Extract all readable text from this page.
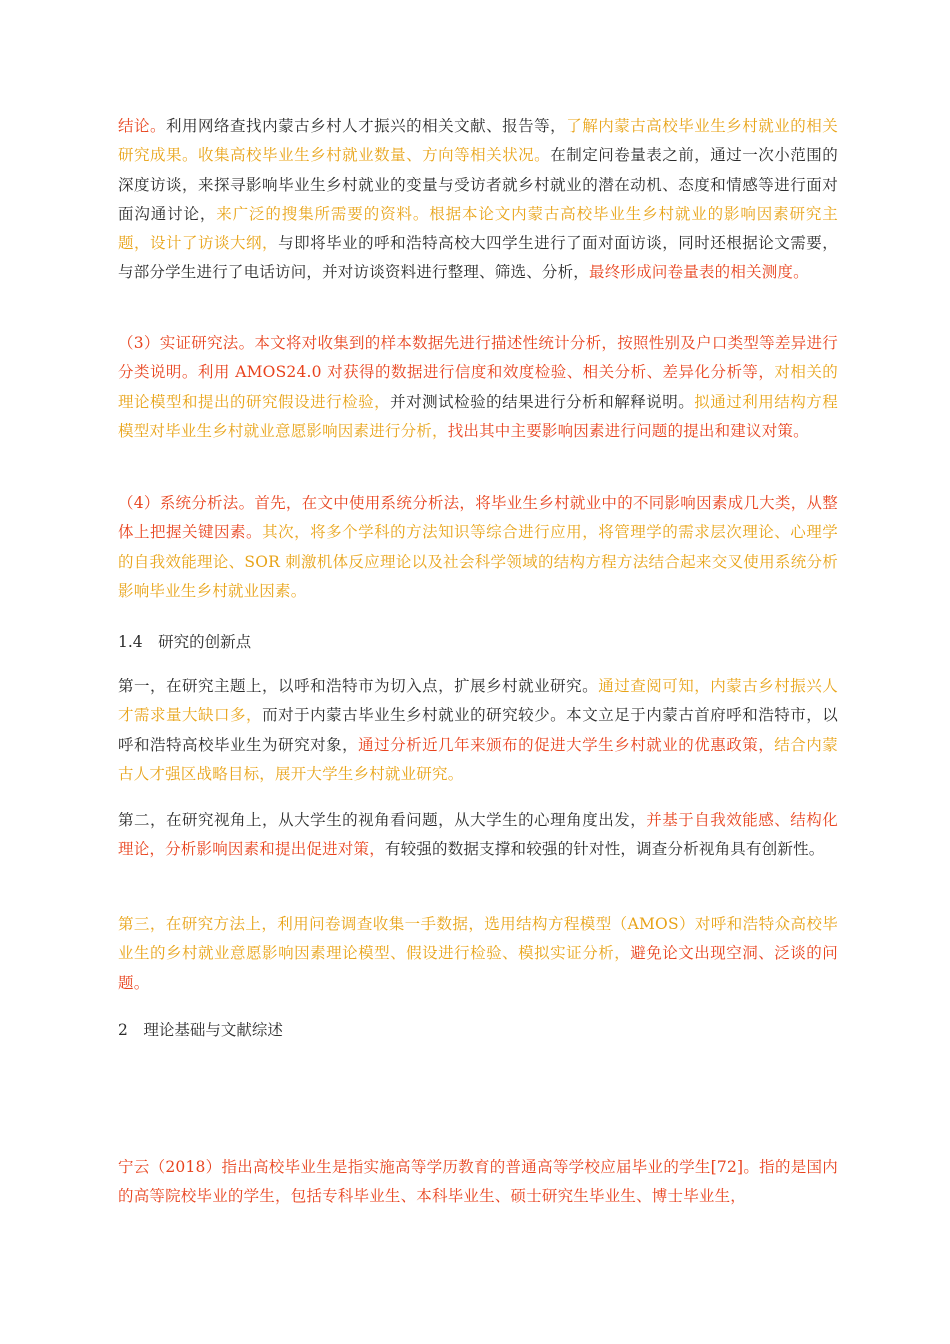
结论。利用网络查找内蒙古乡村人才振兴的相关文献、报告等，了解内蒙古高校毕业生乡村就业的相关研究成果。收集高校毕业生乡村就业数量、方向等相关状况。在制定问卷量表之前，通过一次小范围的深度访谈，来探寻影响毕业生乡村就业的变量与受访者就乡村就业的潜在动机、态度和情感等进行面对面沟通讨论，来广泛的搜集所需要的资料。根据本论文内蒙古高校毕业生乡村就业的影响因素研究主题，设计了访谈大纲，与即将毕业的呼和浩特高校大四学生进行了面对面访谈，同时还根据论文需要，与部分学生进行了电话访问，并对访谈资料进行整理、筛选、分析，最终形成问卷量表的相关测度。

（3）实证研究法。本文将对收集到的样本数据先进行描述性统计分析，按照性别及户口类型等差异进行分类说明。利用 AMOS24.0 对获得的数据进行信度和效度检验、相关分析、差异化分析等，对相关的理论模型和提出的研究假设进行检验，并对测试检验的结果进行分析和解释说明。拟通过利用结构方程模型对毕业生乡村就业意愿影响因素进行分析，找出其中主要影响因素进行问题的提出和建议对策。

（4）系统分析法。首先，在文中使用系统分析法，将毕业生乡村就业中的不同影响因素成几大类，从整体上把握关键因素。其次，将多个学科的方法知识等综合进行应用，将管理学的需求层次理论、心理学的自我效能理论、SOR 刺激机体反应理论以及社会科学领域的结构方程方法结合起来交叉使用系统分析影响毕业生乡村就业因素。

1.4　研究的创新点

第一，在研究主题上，以呼和浩特市为切入点，扩展乡村就业研究。通过查阅可知，内蒙古乡村振兴人才需求量大缺口多，而对于内蒙古毕业生乡村就业的研究较少。本文立足于内蒙古首府呼和浩特市，以呼和浩特高校毕业生为研究对象，通过分析近几年来颁布的促进大学生乡村就业的优惠政策，结合内蒙古人才强区战略目标，展开大学生乡村就业研究。

第二，在研究视角上，从大学生的视角看问题，从大学生的心理角度出发，并基于自我效能感、结构化理论，分析影响因素和提出促进对策，有较强的数据支撑和较强的针对性，调查分析视角具有创新性。

第三，在研究方法上，利用问卷调查收集一手数据，选用结构方程模型（AMOS）对呼和浩特众高校毕业生的乡村就业意愿影响因素理论模型、假设进行检验、模拟实证分析，避免论文出现空洞、泛谈的问题。

2　理论基础与文献综述

宁云（2018）指出高校毕业生是指实施高等学历教育的普通高等学校应届毕业的学生[72]。指的是国内的高等院校毕业的学生，包括专科毕业生、本科毕业生、硕士研究生毕业生、博士毕业生，
